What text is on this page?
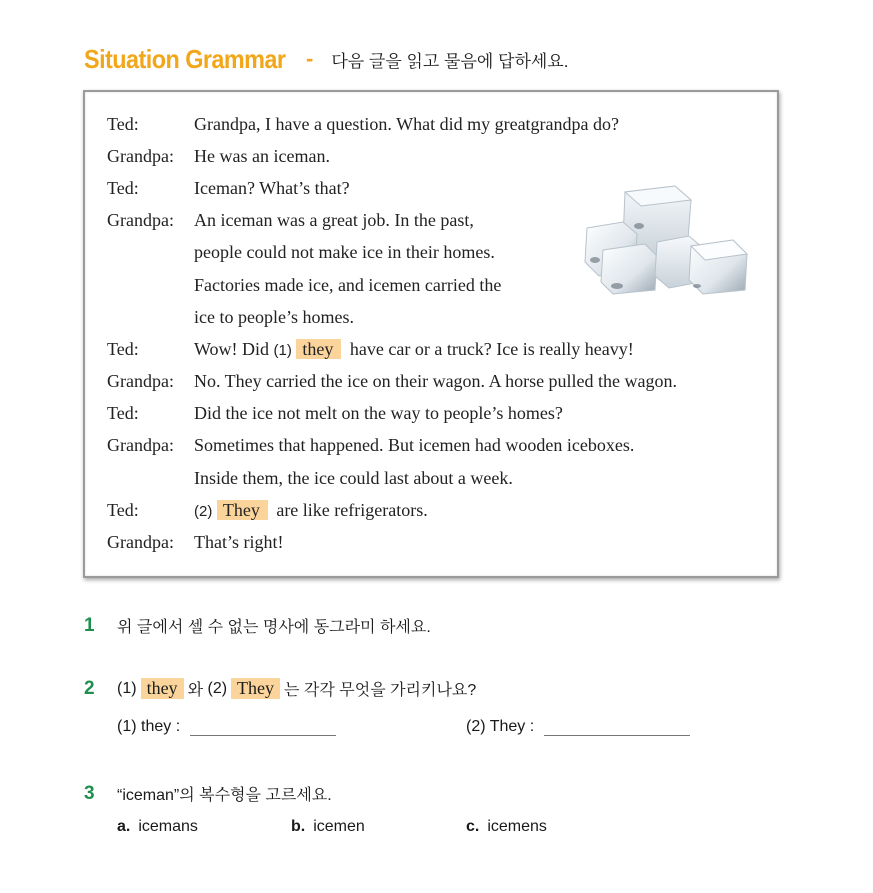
Situation Grammar - 다음 글을 읽고 물음에 답하세요.
Ted:	Grandpa, I have a question. What did my greatgrandpa do?
Grandpa:	He was an iceman.
Ted:	Iceman? What’s that?
Grandpa:	An iceman was a great job. In the past,
people could not make ice in their homes.
Factories made ice, and icemen carried the
ice to people’s homes.
Ted:	Wow! Did (1) they have car or a truck? Ice is really heavy!
Grandpa:	No. They carried the ice on their wagon. A horse pulled the wagon.
Ted:	Did the ice not melt on the way to people’s homes?
Grandpa:	Sometimes that happened. But icemen had wooden iceboxes.
Inside them, the ice could last about a week.
Ted:	(2) They are like refrigerators.
Grandpa:	That’s right!
1	위 글에서 셀 수 없는 명사에 동그라미 하세요.
2	(1) they 와
(2) They 는 각각 무엇을 가리키나요?
(1) they :	(2) They :
3	“iceman”의 복수형을 고르세요.
a. icemans	b. icemen	c. icemens
